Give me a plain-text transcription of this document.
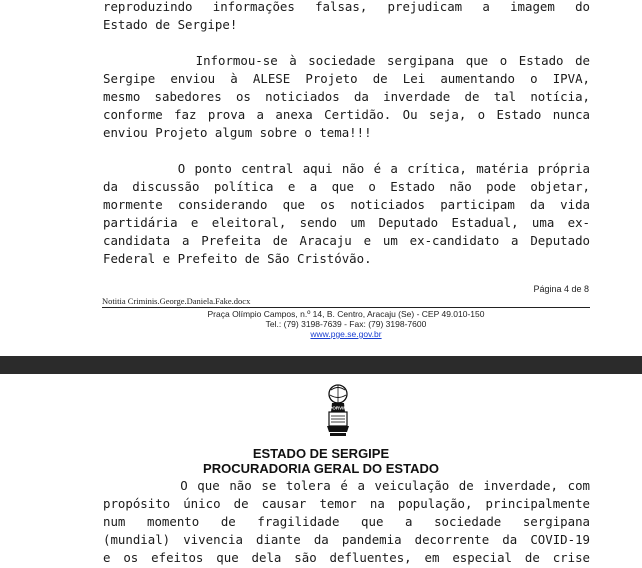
reproduzindo informações falsas, prejudicam a imagem do
Estado de Sergipe!
Informou-se à sociedade sergipana que o Estado de
Sergipe enviou à ALESE Projeto de Lei aumentando o IPVA,
mesmo sabedores os noticiados da inverdade de tal notícia,
conforme faz prova a anexa Certidão. Ou seja, o Estado nunca
enviou Projeto algum sobre o tema!!!
O ponto central aqui não é a crítica, matéria própria
da discussão política e a que o Estado não pode objetar,
mormente considerando que os noticiados participam da vida
partidária e eleitoral, sendo um Deputado Estadual, uma ex-
candidata a Prefeita de Aracaju e um ex-candidato a Deputado
Federal e Prefeito de São Cristóvão.
Página 4 de 8
Notitia Criminis.George.Daniela.Fake.docx
Praça Olímpio Campos, n.º 14, B. Centro, Aracaju (Se) - CEP 49.010-150
Tel.: (79) 3198-7639 - Fax: (79) 3198-7600
www.pge.se.gov.br
PORVIR
ESTADO DE SERGIPE
PROCURADORIA GERAL DO ESTADO
O que não se tolera é a veiculação de inverdade, com
propósito único de causar temor na população, principalmente
num momento de fragilidade que a sociedade sergipana
(mundial) vivencia diante da pandemia decorrente da COVID-19
e os efeitos que dela são defluentes, em especial de crise
